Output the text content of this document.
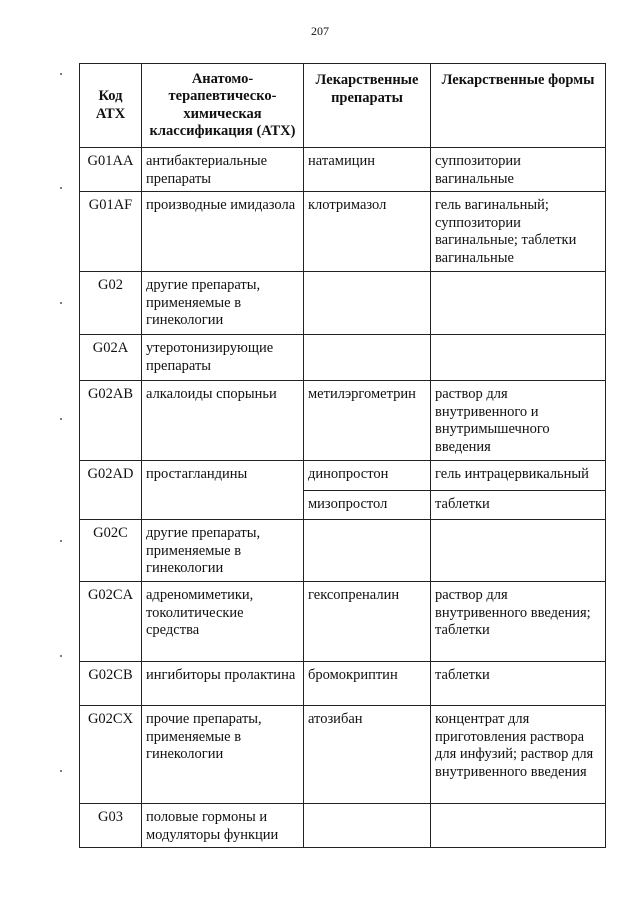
207
Код АТХ	Анатомо-терапевтическо-химическая классификация (АТХ)	Лекарственные препараты	Лекарственные формы
G01AA	антибактериальные препараты	натамицин	суппозитории вагинальные
G01AF	производные имидазола	клотримазол	гель вагинальный; суппозитории вагинальные; таблетки вагинальные
G02	другие препараты, применяемые в гинекологии		
G02A	утеротонизирующие препараты		
G02AB	алкалоиды спорыньи	метилэргометрин	раствор для внутривенного и внутримышечного введения
G02AD	простагландины	динопростон	гель интрацервикальный
		мизопростол	таблетки
G02C	другие препараты, применяемые в гинекологии		
G02CA	адреномиметики, токолитические средства	гексопреналин	раствор для внутривенного введения; таблетки
G02CB	ингибиторы пролактина	бромокриптин	таблетки
G02CX	прочие препараты, применяемые в гинекологии	атозибан	концентрат для приготовления раствора для инфузий; раствор для внутривенного введения
G03	половые гормоны и модуляторы функции		
